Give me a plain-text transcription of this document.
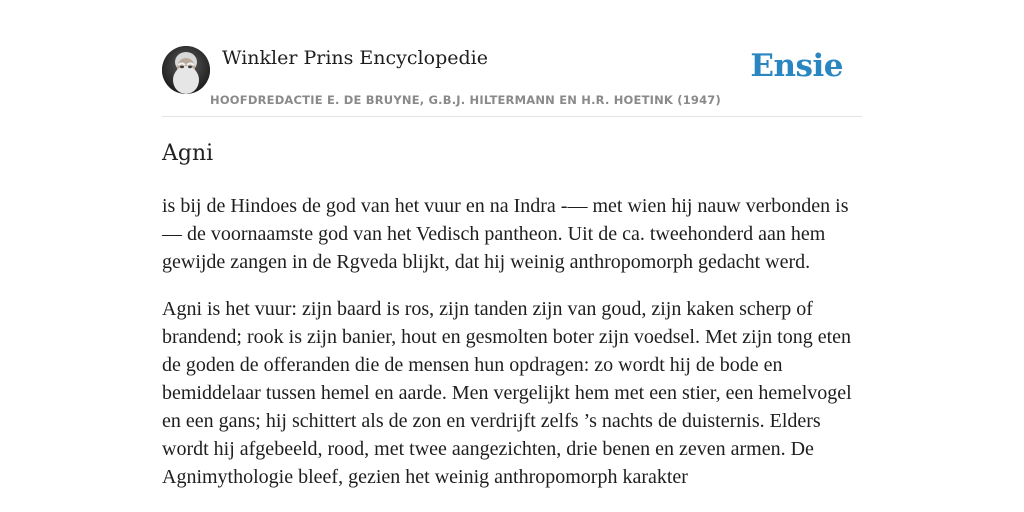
Winkler Prins Encyclopedie
HOOFDREDACTIE E. DE BRUYNE, G.B.J. HILTERMANN EN H.R. HOETINK (1947)
Ensie
Agni

is bij de Hindoes de god van het vuur en na Indra -— met wien hij nauw verbonden is — de voornaamste god van het Vedisch pantheon. Uit de ca. tweehonderd aan hem gewijde zangen in de Rgveda blijkt, dat hij weinig anthropomorph gedacht werd.

Agni is het vuur: zijn baard is ros, zijn tanden zijn van goud, zijn kaken scherp of brandend; rook is zijn banier, hout en gesmolten boter zijn voedsel. Met zijn tong eten de goden de offeranden die de mensen hun opdragen: zo wordt hij de bode en bemiddelaar tussen hemel en aarde. Men vergelijkt hem met een stier, een hemelvogel en een gans; hij schittert als de zon en verdrijft zelfs ’s nachts de duisternis. Elders wordt hij afgebeeld, rood, met twee aangezichten, drie benen en zeven armen. De Agnimythologie bleef, gezien het weinig anthropomorph karakter
